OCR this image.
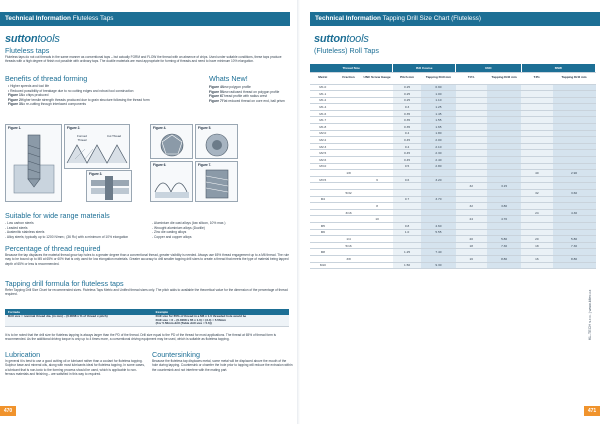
Technical Information Fluteless Taps
suttontools
Fluteless taps
Fluteless taps do not cut threads in the same manner as conventional taps – but actually FORM and FLOW the thread with an absence of chips. Used under suitable conditions, these taps produce threads with a high degree of finish not possible with ordinary taps. The ductile materials are most appropriate for forming of threads and need to have minimum 10% elongation.
Benefits of thread forming
• Higher speeds and tool life
• Reduced possibility of breakage due to no cutting edges and robust tool construction
Figure 1. No chips produced
Figure 2. Higher tensile strength threads produced due to grain structure following the thread form
Figure 3. No re-cutting through interlaced components
Whats New!
Figure 4. New polygon profile
Figure 5. New radiused thread on polygon profile
Figure 6. Thread profile with radius crest
Figure 7. Flat reduced thread on core end, ball prism
Figure 1.	Figure 2.
Formed Thread
Cut Thread
Figure 3.
Figure 4.	Figure 5.
Figure 6.	Figure 7.
Suitable for wide range materials
- Low carbon steels
- Leaded steels
- Austenitic stainless steels
- Alloy steels; typically up to 1200 N/mm², (36 Rc) with a minimum of 10% elongation
- Aluminium die cast alloys (low silicon, 10% max.)
- Wrought aluminium alloys (Ductile)
- Zinc die casting alloys
- Copper and copper alloys
Percentage of thread required
Because the tap displaces the material thread grow tap holes to a greater degree than a conventional thread, greater visibility is needed. Always use 65% thread engagement up to a M6 thread. The rule may to be bound up to M5 at 65% or 60% that is only used for low elongation materials. Greater accuracy to drill smaller tapping drill sizes to create a thread that meets the type of material being tapped depth of 65% or less is recommended.
Tapping drill formula for fluteless taps
Refer Tapping Drill Size Chart for recommended sizes. Fluteless Taps Metric and Unified thread sizes only. The pitch adds to available the theoretical value for the dimension of the percentage of thread required.
Formula	Example
Drill size = nominal thread dia. (in mm) – (0.0068 x % of thread x pitch)	Drill size for 65% of thread in a M6 x 1.0 threaded hole would be
Drill size = 6 – (0.0068 x 65 x 1.0) = (3.4) = 5.56mm
(For 5.56mm drill (Table drill size = 5.6))
It is to be noted that the drill size for fluteless tapping is always larger than the PD of the thread. Drill size equal to the PD of the thread for most applications. The thread at 65% of thread form is recommended. As the additional driving torque is only up to 4 times more, a conventional driving equipment may be used, which is suitable as fluteless tapping.
Lubrication
In general it is best to use a good cutting oil or lubricant rather than a coolant for fluteless tapping. Sulphur base and mineral oils, along with most lubricants ideal for fluteless tapping. In some cases, a lubricant that is non-toxic to the forming process should be used, which is applicable to non-ferrous materials and finishing – are satisfied in this way to required.
Countersinking
Because the fluteless tap displaces metal, some metal will be displaced above the mouth of the hole during tapping. Countersink or chamfer the hole prior to tapping will reduce the extrusion within the countersink and not interfere with the mating part.
470
Technical Information Tapping Drill Size Chart (Fluteless)
suttontools
(Fluteless) Roll Taps
Thread Size			ISO Coarse		UNC		BSW	
Metric	Fraction	UNC Screw Gauge	Pitch mm	Tapping Drill mm	T.P.I.	Tapping Drill mm	T.P.I.	Tapping Drill mm
M1.0			0.25	0.90				
M1.1			0.25	1.00				
M1.2			0.25	1.10				
M1.4			0.3	1.25				
M1.6			0.35	1.45				
M1.7			0.35	1.55				
M1.8			0.35	1.65				
M2.0			0.4	1.80				
M2.2			0.45	2.00				
M2.3			0.4	2.10				
M2.5			0.45	2.30				
M2.6			0.45	2.40				
M3.0			0.5	2.80				
	1/8						40	2.90
M3.5		6	0.6	3.20				
					32	3.15		
	5/32						32	3.60
M4			0.7	3.70				
		8			32	3.80		
	3/16						24	4.30
		10			24	4.70		
M5			0.8	4.60				
M6			1.0	5.55				
	1/4				20	5.80	20	5.80
	5/16				18	7.30	18	7.30
M8			1.25	7.40				
	3/8				16	8.80	16	8.80
M10			1.50	9.30				
KL-TECH s.r.o. | www.kltec.cz
471
